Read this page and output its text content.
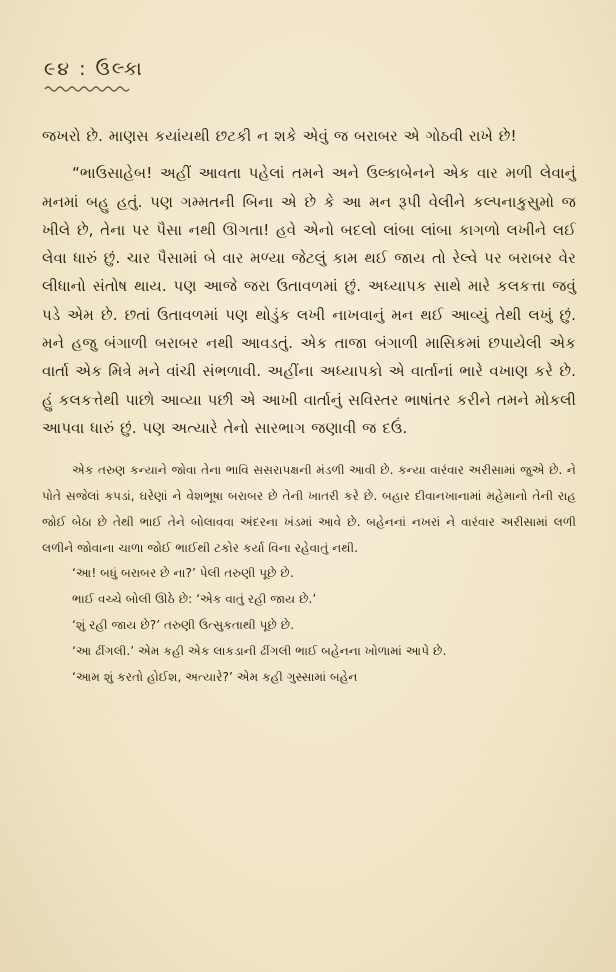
૯૪ : ઉલ્કા

જખરો છે. માણસ કયાંયથી છટકી ન શકે એવું જ બરાબર એ ગોઠવી રાખે છે!

“ભાઉસાહેબ! અહીં આવતા પહેલાં તમને અને ઉલ્કાબેનને એક વાર મળી લેવાનું મનમાં બહુ હતું. પણ ગમ્મતની બિના એ છે કે આ મન રૂપી વેલીને કલ્પનાકુસુમો જ ખીલે છે, તેના પર પૈસા નથી ઊગતા! હવે એનો બદલો લાંબા લાંબા કાગળો લખીને લઈ લેવા ધારું છું. ચાર પૈસામાં બે વાર મળ્યા જેટલું કામ થઈ જાય તો રેલ્વે પર બરાબર વેર લીધાનો સંતોષ થાય. પણ આજે જરા ઉતાવળમાં છું. અધ્યાપક સાથે મારે કલકત્તા જવું પડે એમ છે. છતાં ઉતાવળમાં પણ થોડુંક લખી નાખવાનું મન થઈ આવ્યું તેથી લખું છું. મને હજુ બંગાળી બરાબર નથી આવડતું. એક તાજા બંગાળી માસિકમાં છપાયેલી એક વાર્તા એક મિત્રે મને વાંચી સંભળાવી. અહીંના અધ્યાપકો એ વાર્તાનાં ભારે વખાણ કરે છે. હું કલકત્તેથી પાછો આવ્યા પછી એ આખી વાર્તાનું સવિસ્તર ભાષાંતર કરીને તમને મોકલી આપવા ધારું છું. પણ અત્યારે તેનો સારભાગ જણાવી જ દઉં.

એક તરુણ કન્યાને જોવા તેના ભાવિ સસરાપક્ષની મંડળી આવી છે. કન્યા વારંવાર અરીસામાં જુએ છે. ને પોતે સજેલાં કપડાં, ઘરેણાં ને વેશભૂષા બરાબર છે તેની ખાતરી કરે છે. બહાર દીવાનખાનામાં મહેમાનો તેની રાહ જોઈ બેઠા છે તેથી ભાઈ તેને બોલાવવા અંદરના ખંડમાં આવે છે. બહેનનાં નખરાં ને વારંવાર અરીસામાં લળી લળીને જોવાના ચાળા જોઈ ભાઈથી ટકોર કર્યા વિના રહેવાતું નથી.

‘આ! બધું બરાબર છે ના?’ પેલી તરુણી પૂછે છે.

ભાઈ વચ્ચે બોલી ઊઠે છે: ‘એક વાતું રહી જાય છે.’

‘શું રહી જાય છે?’ તરુણી ઉત્સુકતાથી પૂછે છે.

‘આ ઢીંગલી.’ એમ કહી એક લાકડાની ઢીંગલી ભાઈ બહેનના ખોળામાં આપે છે.

‘આમ શું કરતો હોઈશ, અત્યારે?’ એમ કહી ગુસ્સામાં બહેન
